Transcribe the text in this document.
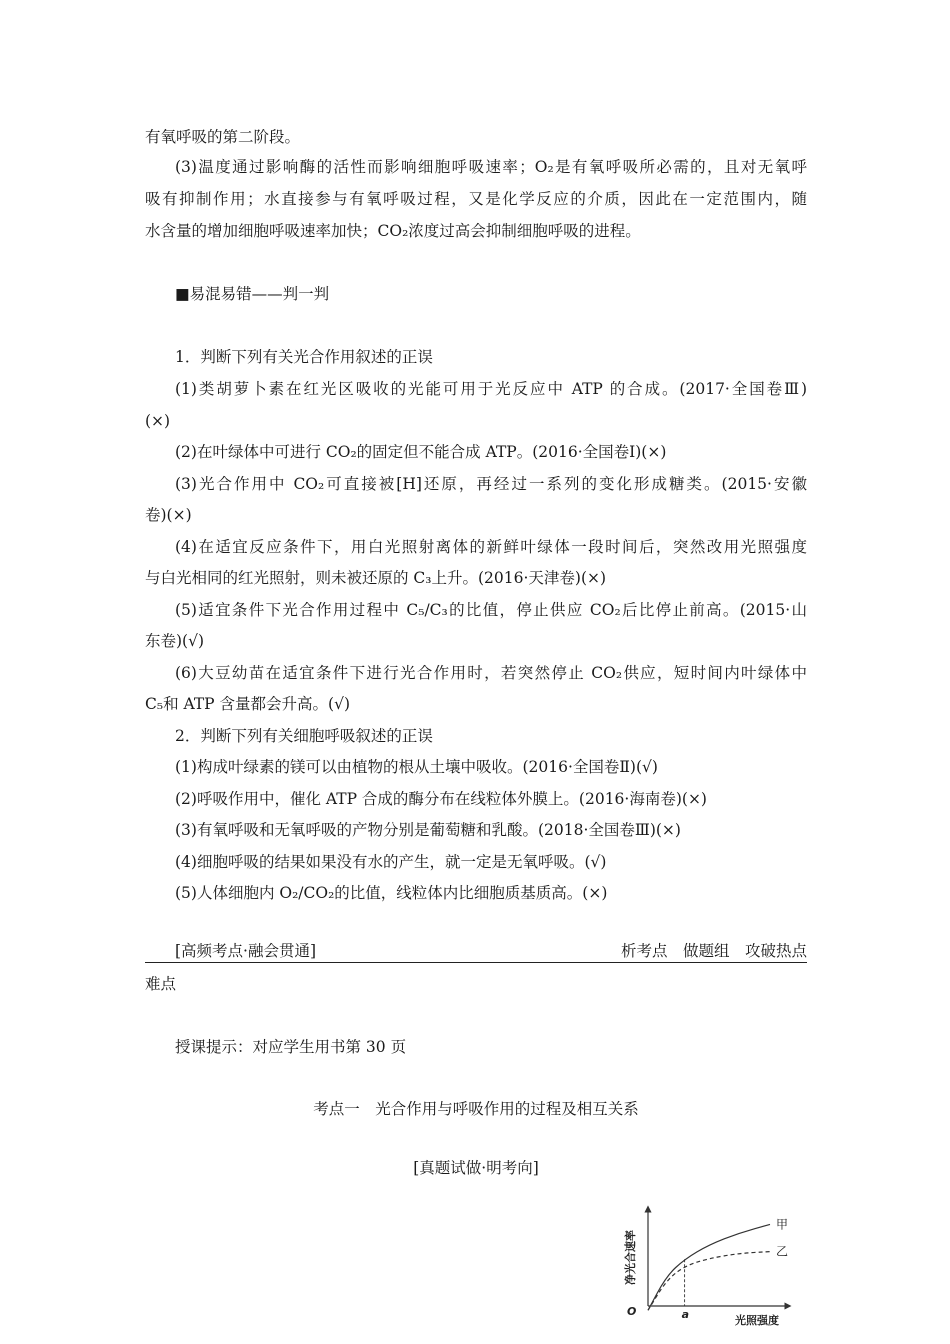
有氧呼吸的第二阶段。
(3)温度通过影响酶的活性而影响细胞呼吸速率；O₂是有氧呼吸所必需的，且对无氧呼
吸有抑制作用；水直接参与有氧呼吸过程，又是化学反应的介质，因此在一定范围内，随
水含量的增加细胞呼吸速率加快；CO₂浓度过高会抑制细胞呼吸的进程。
■易混易错——判一判
1．判断下列有关光合作用叙述的正误
(1)类胡萝卜素在红光区吸收的光能可用于光反应中 ATP 的合成。(2017·全国卷Ⅲ)
(×)
(2)在叶绿体中可进行 CO₂的固定但不能合成 ATP。(2016·全国卷Ⅰ)(×)
(3)光合作用中 CO₂可直接被[H]还原，再经过一系列的变化形成糖类。(2015·安徽
卷)(×)
(4)在适宜反应条件下，用白光照射离体的新鲜叶绿体一段时间后，突然改用光照强度
与白光相同的红光照射，则未被还原的 C₃上升。(2016·天津卷)(×)
(5)适宜条件下光合作用过程中 C₅/C₃的比值，停止供应 CO₂后比停止前高。(2015·山
东卷)(√)
(6)大豆幼苗在适宜条件下进行光合作用时，若突然停止 CO₂供应，短时间内叶绿体中
C₅和 ATP 含量都会升高。(√)
2．判断下列有关细胞呼吸叙述的正误
(1)构成叶绿素的镁可以由植物的根从土壤中吸收。(2016·全国卷Ⅱ)(√)
(2)呼吸作用中，催化 ATP 合成的酶分布在线粒体外膜上。(2016·海南卷)(×)
(3)有氧呼吸和无氧呼吸的产物分别是葡萄糖和乳酸。(2018·全国卷Ⅲ)(×)
(4)细胞呼吸的结果如果没有水的产生，就一定是无氧呼吸。(√)
(5)人体细胞内 O₂/CO₂的比值，线粒体内比细胞质基质高。(×)
[高频考点·融会贯通]	析考点　做题组　攻破热点
难点
授课提示：对应学生用书第 30 页
考点一　光合作用与呼吸作用的过程及相互关系
[真题试做·明考向]
甲
乙
O	a	光照强度
净光合速率
